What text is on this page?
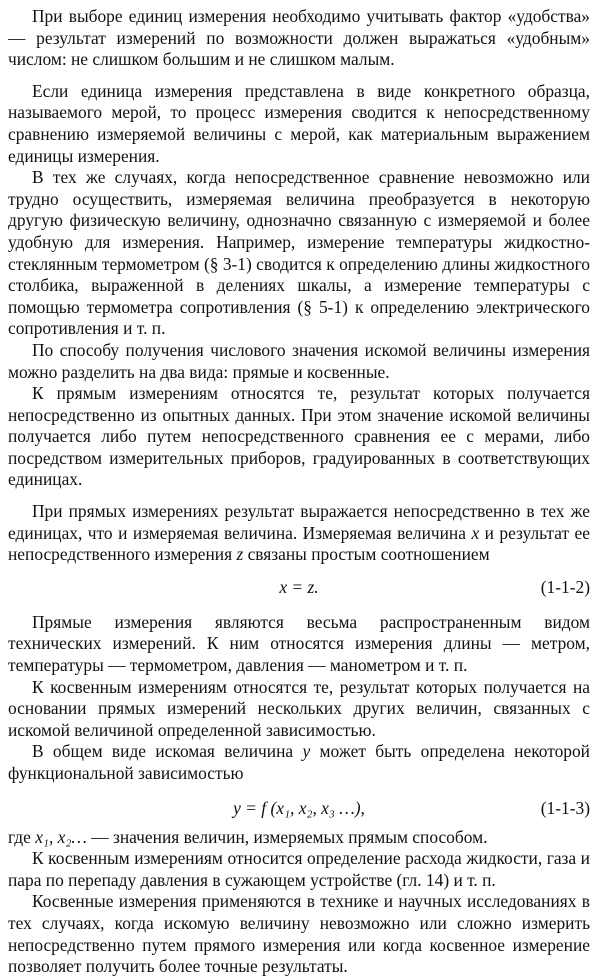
При выборе единиц измерения необходимо учитывать фактор «удобства» — результат измерений по возможности должен выражаться «удобным» числом: не слишком большим и не слишком малым.

Если единица измерения представлена в виде конкретного образца, называемого мерой, то процесс измерения сводится к непосредственному сравнению измеряемой величины с мерой, как материальным выражением единицы измерения.

В тех же случаях, когда непосредственное сравнение невозможно или трудно осуществить, измеряемая величина преобразуется в некоторую другую физическую величину, однозначно связанную с измеряемой и более удобную для измерения. Например, измерение температуры жидкостно-стеклянным термометром (§ 3-1) сводится к определению длины жидкостного столбика, выраженной в делениях шкалы, а измерение температуры с помощью термометра сопротивления (§ 5-1) к определению электрического сопротивления и т. п.

По способу получения числового значения искомой величины измерения можно разделить на два вида: прямые и косвенные.

К прямым измерениям относятся те, результат которых получается непосредственно из опытных данных. При этом значение искомой величины получается либо путем непосредственного сравнения ее с мерами, либо посредством измерительных приборов, градуированных в соответствующих единицах.

При прямых измерениях результат выражается непосредственно в тех же единицах, что и измеряемая величина. Измеряемая величина x и результат ее непосредственного измерения z связаны простым соотношением

x = z.	(1-1-2)

Прямые измерения являются весьма распространенным видом технических измерений. К ним относятся измерения длины — метром, температуры — термометром, давления — манометром и т. п.

К косвенным измерениям относятся те, результат которых получается на основании прямых измерений нескольких других величин, связанных с искомой величиной определенной зависимостью.

В общем виде искомая величина y может быть определена некоторой функциональной зависимостью

y = f (x₁, x₂, x₃ …),	(1-1-3)

где x₁, x₂… — значения величин, измеряемых прямым способом.

К косвенным измерениям относится определение расхода жидкости, газа и пара по перепаду давления в сужающем устройстве (гл. 14) и т. п.

Косвенные измерения применяются в технике и научных исследованиях в тех случаях, когда искомую величину невозможно или сложно измерить непосредственно путем прямого измерения или когда косвенное измерение позволяет получить более точные результаты.
